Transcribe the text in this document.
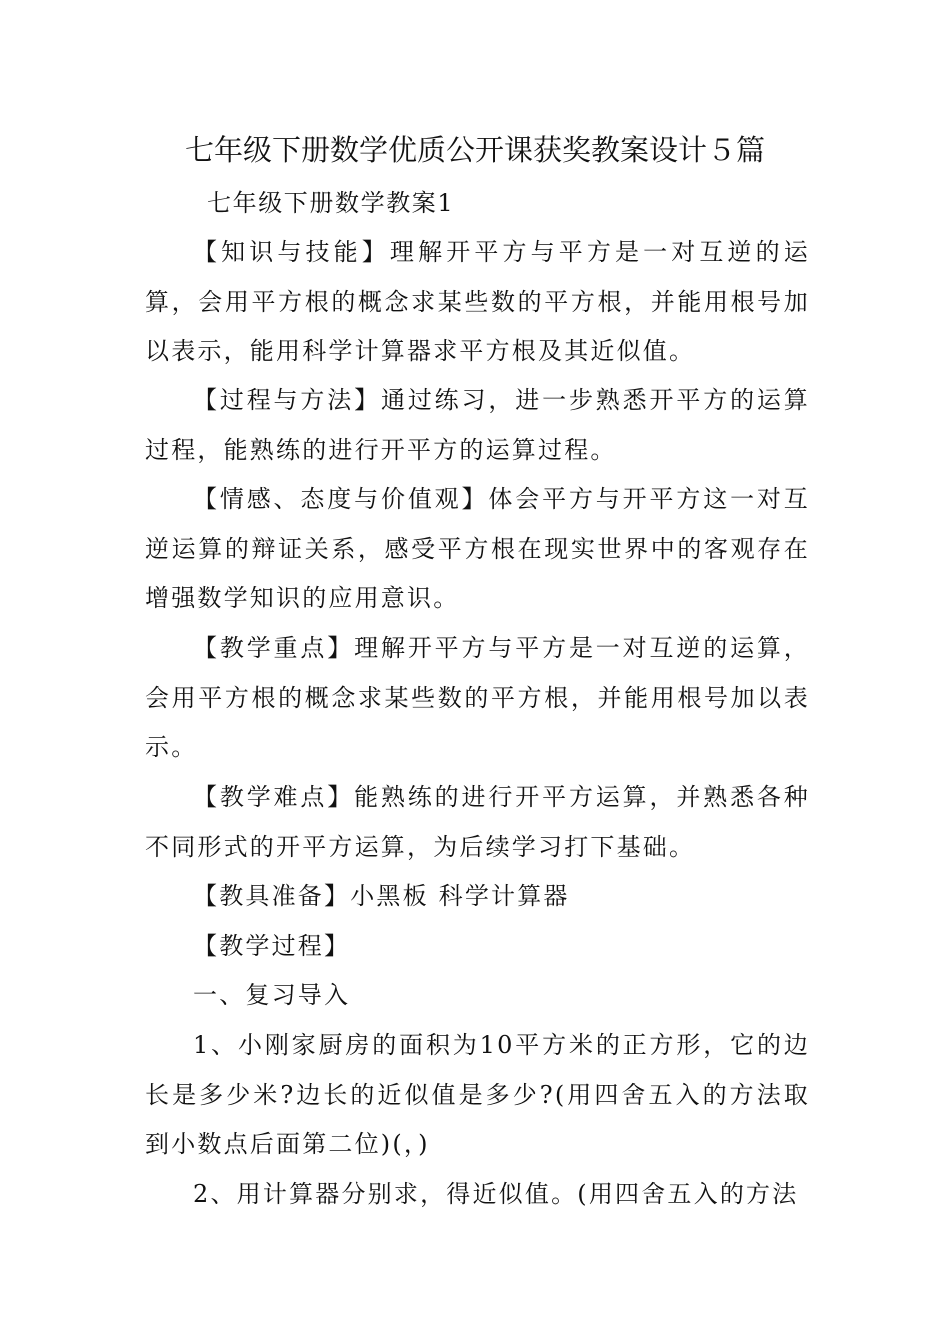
七年级下册数学优质公开课获奖教案设计５篇

七年级下册数学教案1

【知识与技能】理解开平方与平方是一对互逆的运算，会用平方根的概念求某些数的平方根，并能用根号加以表示，能用科学计算器求平方根及其近似值。

【过程与方法】通过练习，进一步熟悉开平方的运算过程，能熟练的进行开平方的运算过程。

【情感、态度与价值观】体会平方与开平方这一对互逆运算的辩证关系，感受平方根在现实世界中的客观存在增强数学知识的应用意识。

【教学重点】理解开平方与平方是一对互逆的运算，会用平方根的概念求某些数的平方根，并能用根号加以表示。

【教学难点】能熟练的进行开平方运算，并熟悉各种不同形式的开平方运算，为后续学习打下基础。

【教具准备】小黑板 科学计算器

【教学过程】

一、复习导入

1、小刚家厨房的面积为10平方米的正方形，它的边长是多少米?边长的近似值是多少?(用四舍五入的方法取到小数点后面第二位)(，)

2、用计算器分别求，得近似值。(用四舍五入的方法
